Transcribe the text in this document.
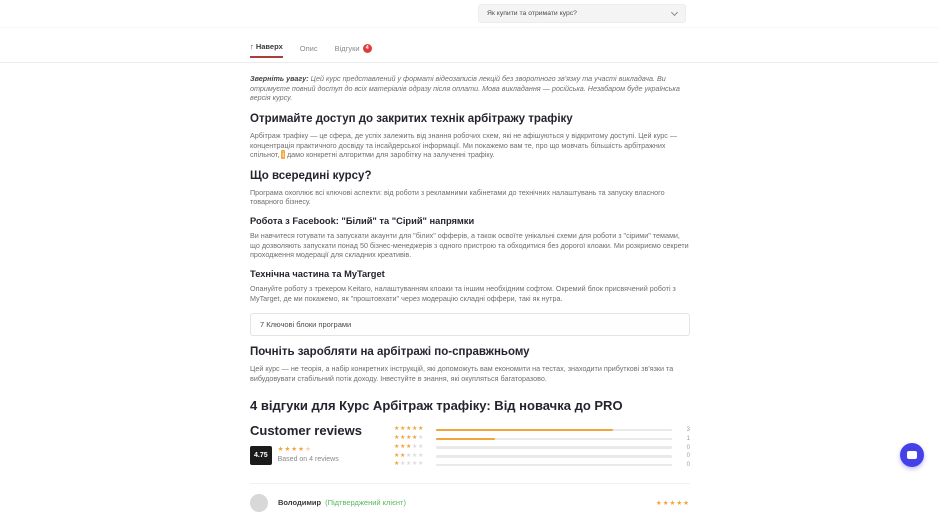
Як купити та отримати курс?
↑ Наверх Опис Відгуки	4

Зверніть увагу: Цей курс представлений у форматі відеозаписів лекцій без зворотного зв'язку та участі викладача. Ви отримуєте повний доступ до всіх матеріалів одразу після оплати. Мова викладання — російська. Незабаром буде українська версія курсу.

Отримайте доступ до закритих технік арбітражу трафіку

Арбітраж трафіку — це сфера, де успіх залежить від знання робочих схем, які не афішуються у відкритому доступі. Цей курс — концентрація практичного досвіду та інсайдерської інформації. Ми покажемо вам те, про що мовчать більшість арбітражних спільнот, і дамо конкретні алгоритми для заробітку на залученні трафіку.

Що всередині курсу?

Програма охоплює всі ключові аспекти: від роботи з рекламними кабінетами до технічних налаштувань та запуску власного товарного бізнесу.

Робота з Facebook: "Білий" та "Сірий" напрямки

Ви навчитеся готувати та запускати акаунти для "білих" офферів, а також освоїте унікальні схеми для роботи з "сірими" темами, що дозволяють запускати понад 50 бізнес-менеджерів з одного пристрою та обходитися без дорогої клоаки. Ми розкриємо секрети проходження модерації для складних креативів.

Технічна частина та MyTarget

Опануйте роботу з трекером Keitaro, налаштуванням клоаки та іншим необхідним софтом. Окремий блок присвячений роботі з MyTarget, де ми покажемо, як "проштовхати" через модерацію складні оффери, такі як нутра.

7 Ключові блоки програми
Почніть заробляти на арбітражі по-справжньому

Цей курс — не теорія, а набір конкретних інструкцій, які допоможуть вам економити на тестах, знаходити прибуткові зв'язки та вибудовувати стабільний потік доходу. Інвестуйте в знання, які окупляться багаторазово.

4 відгуки для Курс Арбітраж трафіку: Від новачка до PRO
Customer reviews
4.75
★★★★★
Based on 4 reviews
★★★★★	3
★★★★★	1
★★★★★	0
★★★★★	0
★★★★★	0
Володимир (Підтверджений клієнт)	★★★★★
